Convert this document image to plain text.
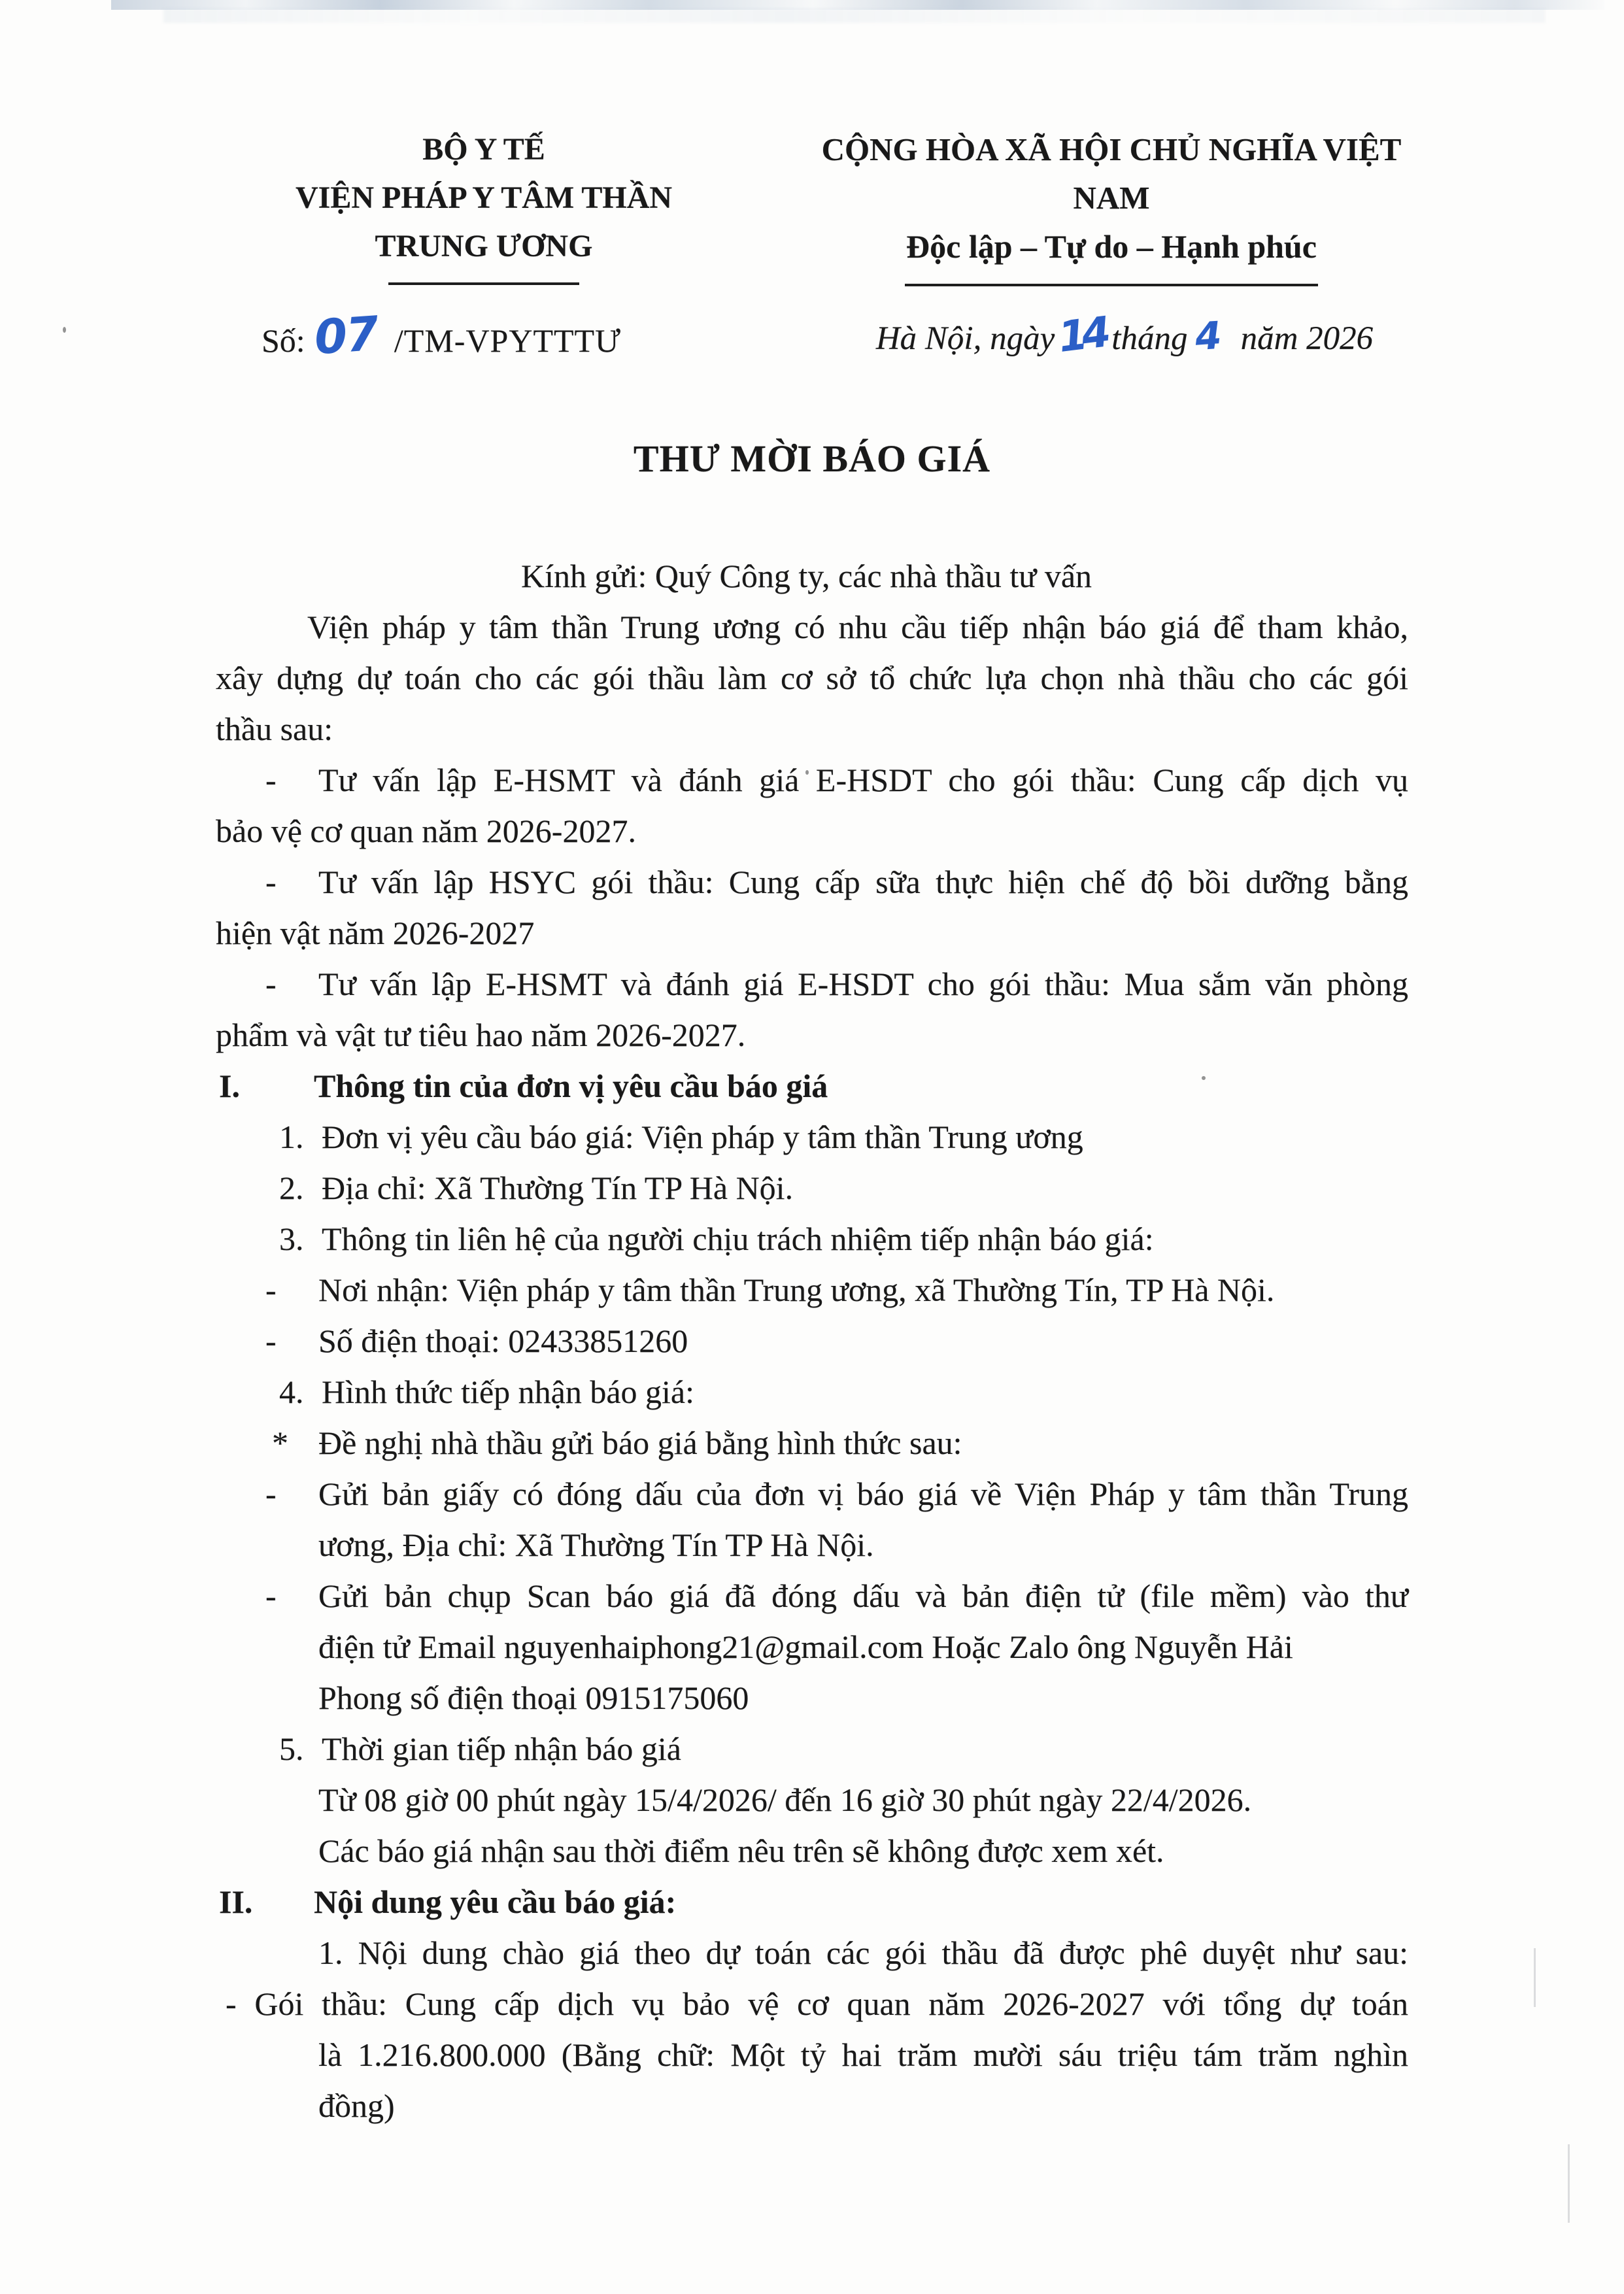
BỘ Y TẾ
VIỆN PHÁP Y TÂM THẦN
TRUNG ƯƠNG
CỘNG HÒA XÃ HỘI CHỦ NGHĨA VIỆT NAM
Độc lập – Tự do – Hạnh phúc
Số: 07 /TM-VPYTTTƯ	Hà Nội, ngày14 tháng 4 năm 2026
THƯ MỜI BÁO GIÁ

Kính gửi: Quý Công ty, các nhà thầu tư vấn

Viện pháp y tâm thần Trung ương có nhu cầu tiếp nhận báo giá để tham khảo,

xây dựng dự toán cho các gói thầu làm cơ sở tổ chức lựa chọn nhà thầu cho các gói

thầu sau:

- Tư vấn lập E-HSMT và đánh giá E-HSDT cho gói thầu: Cung cấp dịch vụ

bảo vệ cơ quan năm 2026-2027.

- Tư vấn lập HSYC gói thầu: Cung cấp sữa thực hiện chế độ bồi dưỡng bằng

hiện vật năm 2026-2027

- Tư vấn lập E-HSMT và đánh giá E-HSDT cho gói thầu: Mua sắm văn phòng

phẩm và vật tư tiêu hao năm 2026-2027.

I. Thông tin của đơn vị yêu cầu báo giá

1. Đơn vị yêu cầu báo giá: Viện pháp y tâm thần Trung ương

2. Địa chỉ: Xã Thường Tín TP Hà Nội.

3. Thông tin liên hệ của người chịu trách nhiệm tiếp nhận báo giá:

- Nơi nhận: Viện pháp y tâm thần Trung ương, xã Thường Tín, TP Hà Nội.

- Số điện thoại: 02433851260

4. Hình thức tiếp nhận báo giá:

* Đề nghị nhà thầu gửi báo giá bằng hình thức sau:

- Gửi bản giấy có đóng dấu của đơn vị báo giá về Viện Pháp y tâm thần Trung

ương, Địa chỉ: Xã Thường Tín TP Hà Nội.

- Gửi bản chụp Scan báo giá đã đóng dấu và bản điện tử (file mềm) vào thư

điện tử Email nguyenhaiphong21@gmail.com Hoặc Zalo ông Nguyễn Hải

Phong số điện thoại 0915175060

5. Thời gian tiếp nhận báo giá

Từ 08 giờ 00 phút ngày 15/4/2026/ đến 16 giờ 30 phút ngày 22/4/2026.

Các báo giá nhận sau thời điểm nêu trên sẽ không được xem xét.

II. Nội dung yêu cầu báo giá:

1. Nội dung chào giá theo dự toán các gói thầu đã được phê duyệt như sau:

- Gói thầu: Cung cấp dịch vụ bảo vệ cơ quan năm 2026-2027 với tổng dự toán

là 1.216.800.000 (Bằng chữ: Một tỷ hai trăm mười sáu triệu tám trăm nghìn

đồng)
